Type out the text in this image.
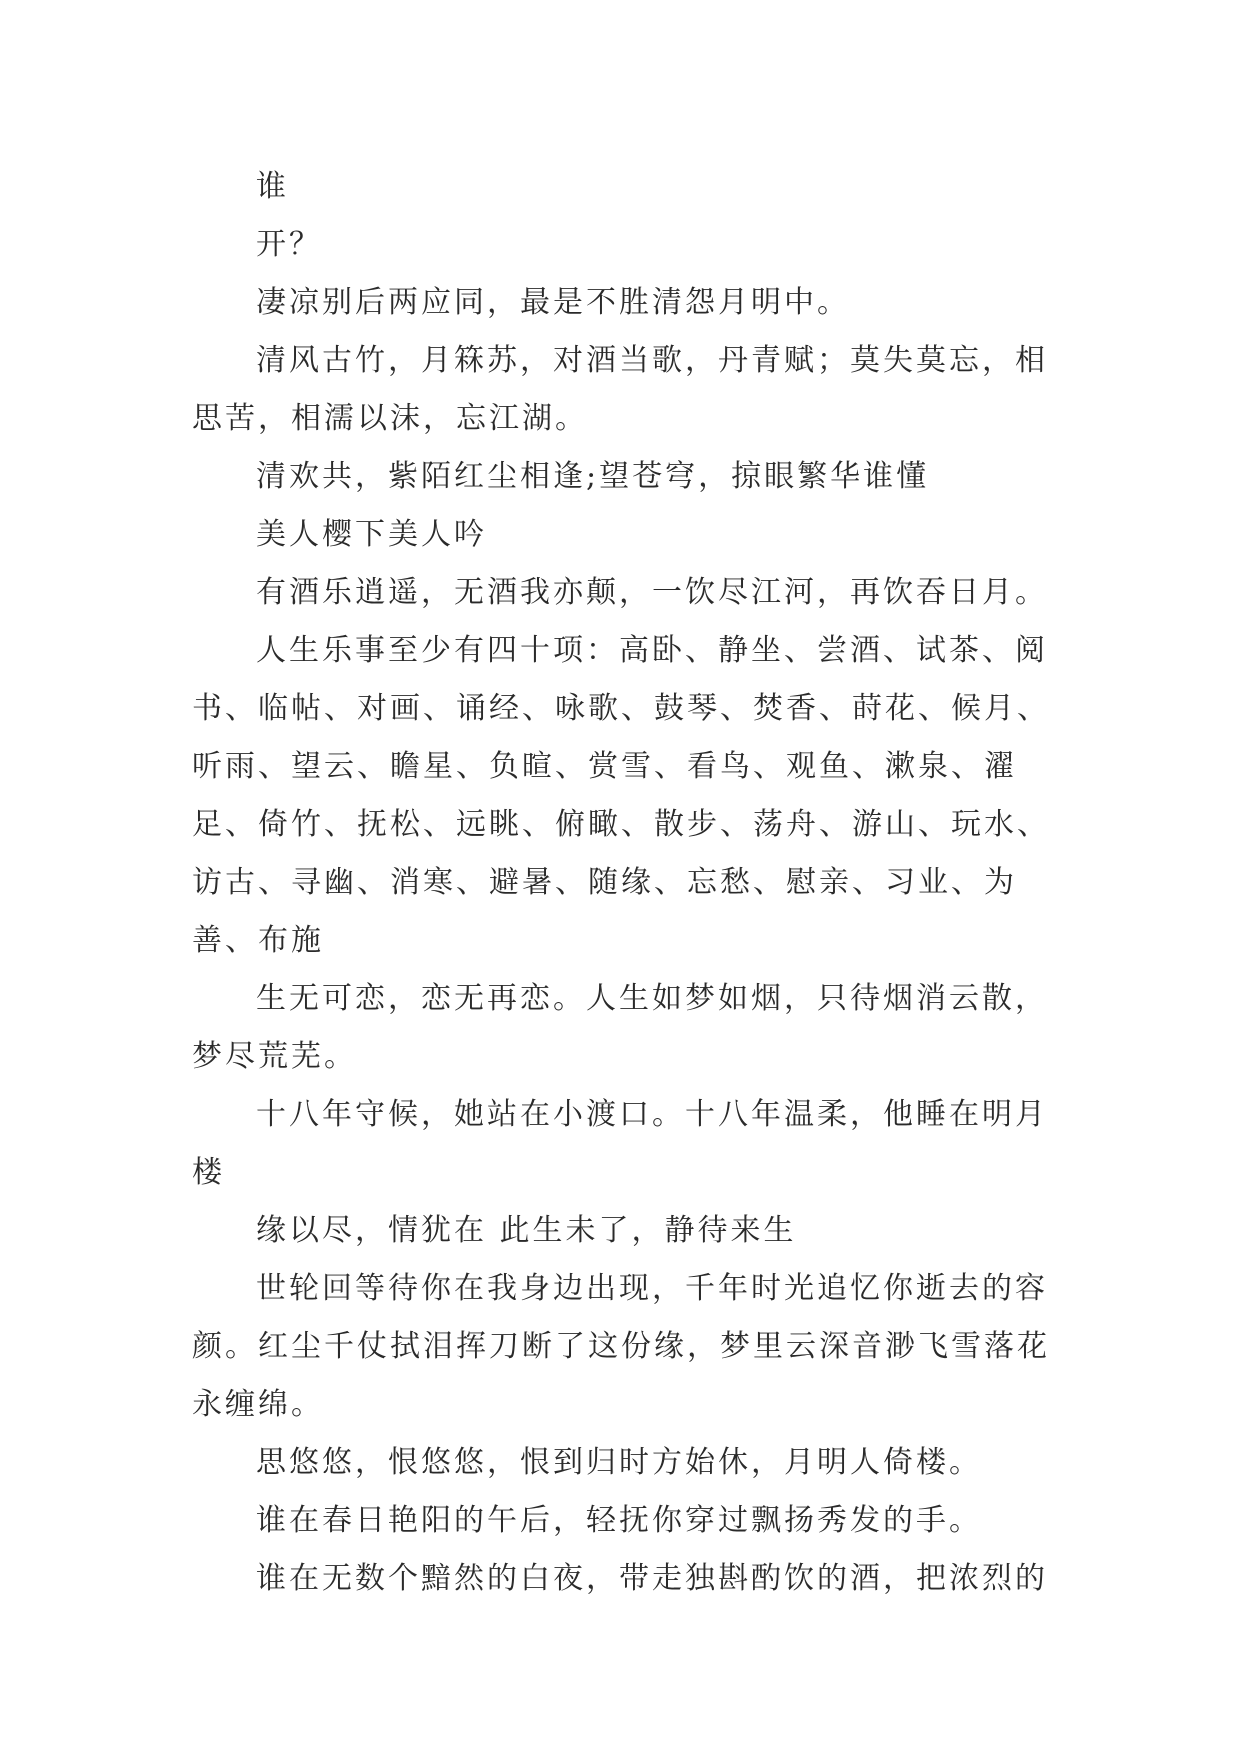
谁

开？

凄凉别后两应同，最是不胜清怨月明中。

清风古竹，月箖苏，对酒当歌，丹青赋；莫失莫忘，相思苦，相濡以沫，忘江湖。

清欢共，紫陌红尘相逢;望苍穹，掠眼繁华谁懂

美人樱下美人吟

有酒乐逍遥，无酒我亦颠，一饮尽江河，再饮吞日月。

人生乐事至少有四十项：高卧、静坐、尝酒、试茶、阅书、临帖、对画、诵经、咏歌、鼓琴、焚香、莳花、候月、听雨、望云、瞻星、负暄、赏雪、看鸟、观鱼、漱泉、濯足、倚竹、抚松、远眺、俯瞰、散步、荡舟、游山、玩水、访古、寻幽、消寒、避暑、随缘、忘愁、慰亲、习业、为善、布施

生无可恋，恋无再恋。人生如梦如烟，只待烟消云散，梦尽荒芜。

十八年守候，她站在小渡口。十八年温柔，他睡在明月楼

缘以尽，情犹在 此生未了，静待来生

世轮回等待你在我身边出现，千年时光追忆你逝去的容颜。红尘千仗拭泪挥刀断了这份缘，梦里云深音渺飞雪落花永缠绵。

思悠悠，恨悠悠，恨到归时方始休，月明人倚楼。

谁在春日艳阳的午后，轻抚你穿过飘扬秀发的手。

谁在无数个黯然的白夜，带走独斟酌饮的酒，把浓烈的
